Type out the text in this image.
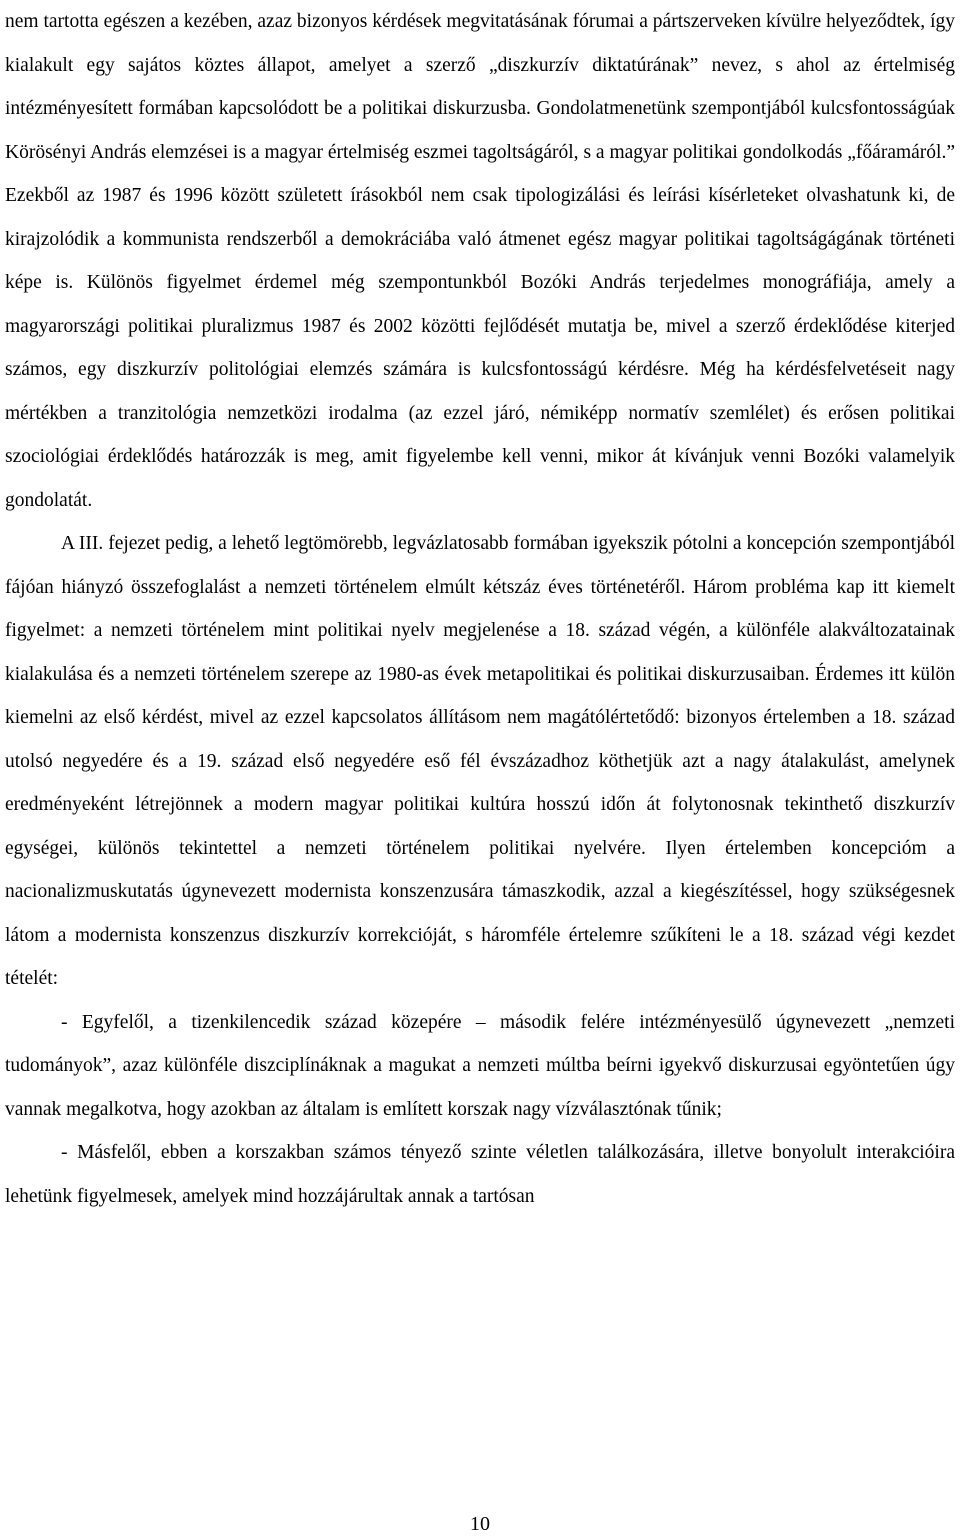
nem tartotta egészen a kezében, azaz bizonyos kérdések megvitatásának fórumai a pártszerveken kívülre helyeződtek, így kialakult egy sajátos köztes állapot, amelyet a szerző „diszkurzív diktatúrának” nevez, s ahol az értelmiség intézményesített formában kapcsolódott be a politikai diskurzusba. Gondolatmenetünk szempontjából kulcsfontosságúak Körösényi András elemzései is a magyar értelmiség eszmei tagoltságáról, s a magyar politikai gondolkodás „főáramáról.” Ezekből az 1987 és 1996 között született írásokból nem csak tipologizálási és leírási kísérleteket olvashatunk ki, de kirajzolódik a kommunista rendszerből a demokráciába való átmenet egész magyar politikai tagoltságágának történeti képe is. Különös figyelmet érdemel még szempontunkból Bozóki András terjedelmes monográfiája, amely a magyarországi politikai pluralizmus 1987 és 2002 közötti fejlődését mutatja be, mivel a szerző érdeklődése kiterjed számos, egy diszkurzív politológiai elemzés számára is kulcsfontosságú kérdésre. Még ha kérdésfelvetéseit nagy mértékben a tranzitológia nemzetközi irodalma (az ezzel járó, némiképp normatív szemlélet) és erősen politikai szociológiai érdeklődés határozzák is meg, amit figyelembe kell venni, mikor át kívánjuk venni Bozóki valamelyik gondolatát.

A III. fejezet pedig, a lehető legtömörebb, legvázlatosabb formában igyekszik pótolni a koncepción szempontjából fájóan hiányzó összefoglalást a nemzeti történelem elmúlt kétszáz éves történetéről. Három probléma kap itt kiemelt figyelmet: a nemzeti történelem mint politikai nyelv megjelenése a 18. század végén, a különféle alakváltozatainak kialakulása és a nemzeti történelem szerepe az 1980-as évek metapolitikai és politikai diskurzusaiban. Érdemes itt külön kiemelni az első kérdést, mivel az ezzel kapcsolatos állításom nem magátólértetődő: bizonyos értelemben a 18. század utolsó negyedére és a 19. század első negyedére eső fél évszázadhoz köthetjük azt a nagy átalakulást, amelynek eredményeként létrejönnek a modern magyar politikai kultúra hosszú időn át folytonosnak tekinthető diszkurzív egységei, különös tekintettel a nemzeti történelem politikai nyelvére. Ilyen értelemben koncepcióm a nacionalizmuskutatás úgynevezett modernista konszenzusára támaszkodik, azzal a kiegészítéssel, hogy szükségesnek látom a modernista konszenzus diszkurzív korrekcióját, s háromféle értelemre szűkíteni le a 18. század végi kezdet tételét:

- Egyfelől, a tizenkilencedik század közepére – második felére intézményesülő úgynevezett „nemzeti tudományok”, azaz különféle diszciplínáknak a magukat a nemzeti múltba beírni igyekvő diskurzusai egyöntetűen úgy vannak megalkotva, hogy azokban az általam is említett korszak nagy vízválasztónak tűnik;

- Másfelől, ebben a korszakban számos tényező szinte véletlen találkozására, illetve bonyolult interakcióira lehetünk figyelmesek, amelyek mind hozzájárultak annak a tartósan

10
